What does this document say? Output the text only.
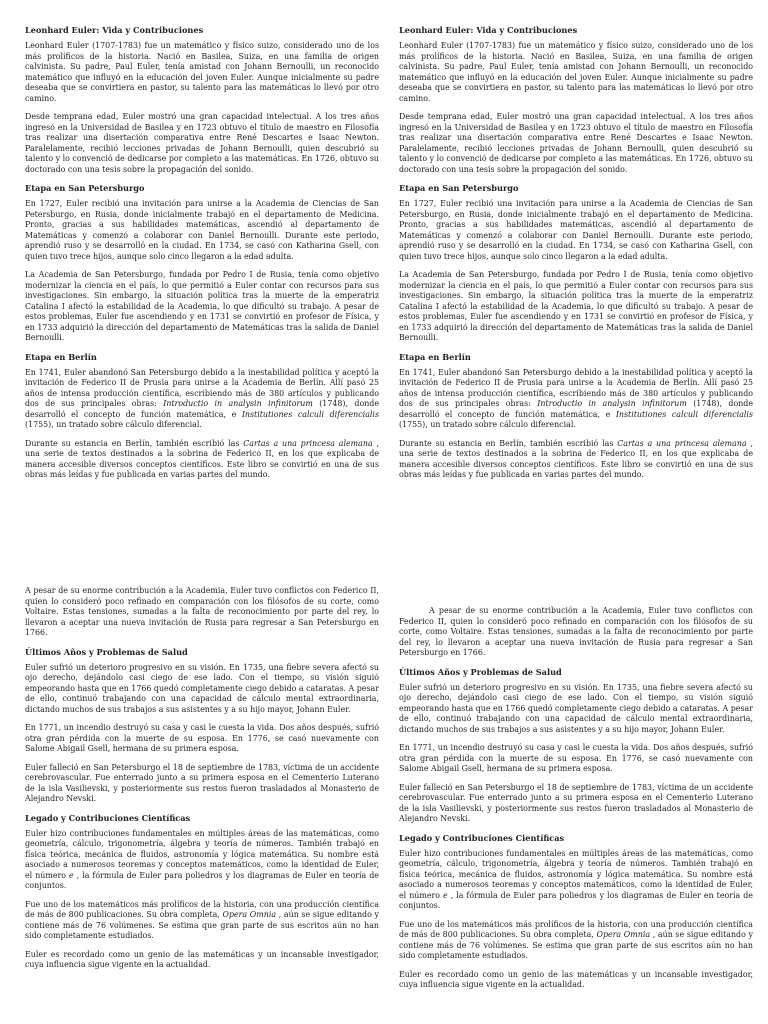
Leonhard Euler: Vida y Contribuciones

Leonhard Euler (1707-1783) fue un matemático y físico suizo, considerado uno de los más prolíficos de la historia. Nació en Basilea, Suiza, en una familia de origen calvinista. Su padre, Paul Euler, tenía amistad con Johann Bernoulli, un reconocido matemático que influyó en la educación del joven Euler. Aunque inicialmente su padre deseaba que se convirtiera en pastor, su talento para las matemáticas lo llevó por otro camino.

Desde temprana edad, Euler mostró una gran capacidad intelectual. A los tres años ingresó en la Universidad de Basilea y en 1723 obtuvo el título de maestro en Filosofía tras realizar una disertación comparativa entre René Descartes e Isaac Newton. Paralelamente, recibió lecciones privadas de Johann Bernoulli, quien descubrió su talento y lo convenció de dedicarse por completo a las matemáticas. En 1726, obtuvo su doctorado con una tesis sobre la propagación del sonido.

Etapa en San Petersburgo

En 1727, Euler recibió una invitación para unirse a la Academia de Ciencias de San Petersburgo, en Rusia, donde inicialmente trabajó en el departamento de Medicina. Pronto, gracias a sus habilidades matemáticas, ascendió al departamento de Matemáticas y comenzó a colaborar con Daniel Bernoulli. Durante este periodo, aprendió ruso y se desarrolló en la ciudad. En 1734, se casó con Katharina Gsell, con quien tuvo trece hijos, aunque solo cinco llegaron a la edad adulta.

La Academia de San Petersburgo, fundada por Pedro I de Rusia, tenía como objetivo modernizar la ciencia en el país, lo que permitió a Euler contar con recursos para sus investigaciones. Sin embargo, la situación política tras la muerte de la emperatriz Catalina I afectó la estabilidad de la Academia, lo que dificultó su trabajo. A pesar de estos problemas, Euler fue ascendiendo y en 1731 se convirtió en profesor de Física, y en 1733 adquirió la dirección del departamento de Matemáticas tras la salida de Daniel Bernoulli.

Etapa en Berlín

En 1741, Euler abandonó San Petersburgo debido a la inestabilidad política y aceptó la invitación de Federico II de Prusia para unirse a la Academia de Berlín. Allí pasó 25 años de intensa producción científica, escribiendo más de 380 artículos y publicando dos de sus principales obras: Introductio in analysin infinitorum (1748), donde desarrolló el concepto de función matemática, e Institutiones calculi diferencialis (1755), un tratado sobre cálculo diferencial.

Durante su estancia en Berlín, también escribió las Cartas a una princesa alemana , una serie de textos destinados a la sobrina de Federico II, en los que explicaba de manera accesible diversos conceptos científicos. Este libro se convirtió en una de sus obras más leídas y fue publicada en varias partes del mundo.

Leonhard Euler: Vida y Contribuciones

Leonhard Euler (1707-1783) fue un matemático y físico suizo, considerado uno de los más prolíficos de la historia. Nació en Basilea, Suiza, en una familia de origen calvinista. Su padre, Paul Euler, tenía amistad con Johann Bernoulli, un reconocido matemático que influyó en la educación del joven Euler. Aunque inicialmente su padre deseaba que se convirtiera en pastor, su talento para las matemáticas lo llevó por otro camino.

Desde temprana edad, Euler mostró una gran capacidad intelectual. A los tres años ingresó en la Universidad de Basilea y en 1723 obtuvo el título de maestro en Filosofía tras realizar una disertación comparativa entre René Descartes e Isaac Newton. Paralelamente, recibió lecciones privadas de Johann Bernoulli, quien descubrió su talento y lo convenció de dedicarse por completo a las matemáticas. En 1726, obtuvo su doctorado con una tesis sobre la propagación del sonido.

Etapa en San Petersburgo

En 1727, Euler recibió una invitación para unirse a la Academia de Ciencias de San Petersburgo, en Rusia, donde inicialmente trabajó en el departamento de Medicina. Pronto, gracias a sus habilidades matemáticas, ascendió al departamento de Matemáticas y comenzó a colaborar con Daniel Bernoulli. Durante este periodo, aprendió ruso y se desarrolló en la ciudad. En 1734, se casó con Katharina Gsell, con quien tuvo trece hijos, aunque solo cinco llegaron a la edad adulta.

La Academia de San Petersburgo, fundada por Pedro I de Rusia, tenía como objetivo modernizar la ciencia en el país, lo que permitió a Euler contar con recursos para sus investigaciones. Sin embargo, la situación política tras la muerte de la emperatriz Catalina I afectó la estabilidad de la Academia, lo que dificultó su trabajo. A pesar de estos problemas, Euler fue ascendiendo y en 1731 se convirtió en profesor de Física, y en 1733 adquirió la dirección del departamento de Matemáticas tras la salida de Daniel Bernoulli.

Etapa en Berlín

En 1741, Euler abandonó San Petersburgo debido a la inestabilidad política y aceptó la invitación de Federico II de Prusia para unirse a la Academia de Berlín. Allí pasó 25 años de intensa producción científica, escribiendo más de 380 artículos y publicando dos de sus principales obras: Introductio in analysin infinitorum (1748), donde desarrolló el concepto de función matemática, e Institutiones calculi diferencialis (1755), un tratado sobre cálculo diferencial.

Durante su estancia en Berlín, también escribió las Cartas a una princesa alemana , una serie de textos destinados a la sobrina de Federico II, en los que explicaba de manera accesible diversos conceptos científicos. Este libro se convirtió en una de sus obras más leídas y fue publicada en varias partes del mundo.

A pesar de su enorme contribución a la Academia, Euler tuvo conflictos con Federico II, quien lo consideró poco refinado en comparación con los filósofos de su corte, como Voltaire. Estas tensiones, sumadas a la falta de reconocimiento por parte del rey, lo llevaron a aceptar una nueva invitación de Rusia para regresar a San Petersburgo en 1766.

Últimos Años y Problemas de Salud

Euler sufrió un deterioro progresivo en su visión. En 1735, una fiebre severa afectó su ojo derecho, dejándolo casi ciego de ese lado. Con el tiempo, su visión siguió empeorando hasta que en 1766 quedó completamente ciego debido a cataratas. A pesar de ello, continuó trabajando con una capacidad de cálculo mental extraordinaria, dictando muchos de sus trabajos a sus asistentes y a su hijo mayor, Johann Euler.

En 1771, un incendio destruyó su casa y casi le cuesta la vida. Dos años después, sufrió otra gran pérdida con la muerte de su esposa. En 1776, se casó nuevamente con Salome Abigail Gsell, hermana de su primera esposa.

Euler falleció en San Petersburgo el 18 de septiembre de 1783, víctima de un accidente cerebrovascular. Fue enterrado junto a su primera esposa en el Cementerio Luterano de la isla Vasilievski, y posteriormente sus restos fueron trasladados al Monasterio de Alejandro Nevski.

Legado y Contribuciones Científicas

Euler hizo contribuciones fundamentales en múltiples áreas de las matemáticas, como geometría, cálculo, trigonometría, álgebra y teoría de números. También trabajó en física teórica, mecánica de fluidos, astronomía y lógica matemática. Su nombre está asociado a numerosos teoremas y conceptos matemáticos, como la identidad de Euler, el número e , la fórmula de Euler para poliedros y los diagramas de Euler en teoría de conjuntos.

Fue uno de los matemáticos más prolíficos de la historia, con una producción científica de más de 800 publicaciones. Su obra completa, Opera Omnia , aún se sigue editando y contiene más de 76 volúmenes. Se estima que gran parte de sus escritos aún no han sido completamente estudiados.

Euler es recordado como un genio de las matemáticas y un incansable investigador, cuya influencia sigue vigente en la actualidad.

A pesar de su enorme contribución a la Academia, Euler tuvo conflictos con Federico II, quien lo consideró poco refinado en comparación con los filósofos de su corte, como Voltaire. Estas tensiones, sumadas a la falta de reconocimiento por parte del rey, lo llevaron a aceptar una nueva invitación de Rusia para regresar a San Petersburgo en 1766.

Últimos Años y Problemas de Salud

Euler sufrió un deterioro progresivo en su visión. En 1735, una fiebre severa afectó su ojo derecho, dejándolo casi ciego de ese lado. Con el tiempo, su visión siguió empeorando hasta que en 1766 quedó completamente ciego debido a cataratas. A pesar de ello, continuó trabajando con una capacidad de cálculo mental extraordinaria, dictando muchos de sus trabajos a sus asistentes y a su hijo mayor, Johann Euler.

En 1771, un incendio destruyó su casa y casi le cuesta la vida. Dos años después, sufrió otra gran pérdida con la muerte de su esposa. En 1776, se casó nuevamente con Salome Abigail Gsell, hermana de su primera esposa.

Euler falleció en San Petersburgo el 18 de septiembre de 1783, víctima de un accidente cerebrovascular. Fue enterrado junto a su primera esposa en el Cementerio Luterano de la isla Vasilievski, y posteriormente sus restos fueron trasladados al Monasterio de Alejandro Nevski.

Legado y Contribuciones Científicas

Euler hizo contribuciones fundamentales en múltiples áreas de las matemáticas, como geometría, cálculo, trigonometría, álgebra y teoría de números. También trabajó en física teórica, mecánica de fluidos, astronomía y lógica matemática. Su nombre está asociado a numerosos teoremas y conceptos matemáticos, como la identidad de Euler, el número e , la fórmula de Euler para poliedros y los diagramas de Euler en teoría de conjuntos.

Fue uno de los matemáticos más prolíficos de la historia, con una producción científica de más de 800 publicaciones. Su obra completa, Opera Omnia , aún se sigue editando y contiene más de 76 volúmenes. Se estima que gran parte de sus escritos aún no han sido completamente estudiados.

Euler es recordado como un genio de las matemáticas y un incansable investigador, cuya influencia sigue vigente en la actualidad.
